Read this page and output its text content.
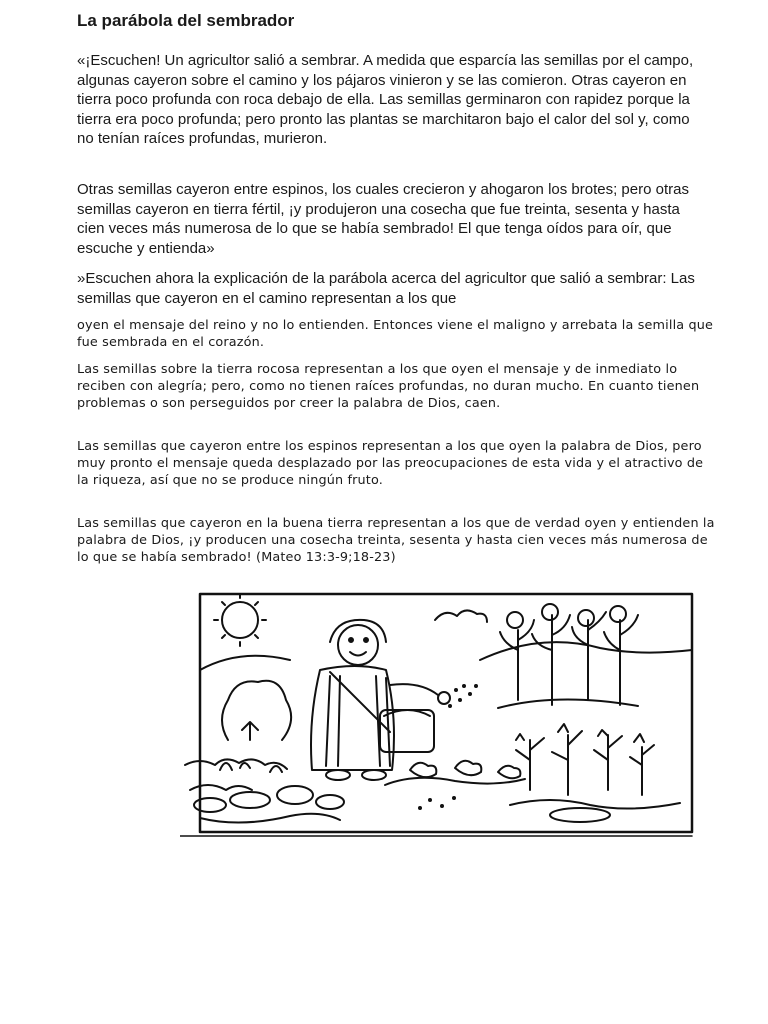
La parábola del sembrador
«¡Escuchen! Un agricultor salió a sembrar. A medida que esparcía las semillas por el campo, algunas cayeron sobre el camino y los pájaros vinieron y se las comieron. Otras cayeron en tierra poco profunda con roca debajo de ella. Las semillas germinaron con rapidez porque la tierra era poco profunda; pero pronto las plantas se marchitaron bajo el calor del sol y, como no tenían raíces profundas, murieron.
Otras semillas cayeron entre espinos, los cuales crecieron y ahogaron los brotes; pero otras semillas cayeron en tierra fértil, ¡y produjeron una cosecha que fue treinta, sesenta y hasta cien veces más numerosa de lo que se había sembrado! El que tenga oídos para oír, que escuche y entienda»
»Escuchen ahora la explicación de la parábola acerca del agricultor que salió a sembrar: Las semillas que cayeron en el camino representan a los que
oyen el mensaje del reino y no lo entienden. Entonces viene el maligno y arrebata la semilla que fue sembrada en el corazón.
Las semillas sobre la tierra rocosa representan a los que oyen el mensaje y de inmediato lo reciben con alegría; pero, como no tienen raíces profundas, no duran mucho. En cuanto tienen problemas o son perseguidos por creer la palabra de Dios, caen.
Las semillas que cayeron entre los espinos representan a los que oyen la palabra de Dios, pero muy pronto el mensaje queda desplazado por las preocupaciones de esta vida y el atractivo de la riqueza, así que no se produce ningún fruto.
Las semillas que cayeron en la buena tierra representan a los que de verdad oyen y entienden la palabra de Dios, ¡y producen una cosecha treinta, sesenta y hasta cien veces más numerosa de lo que se había sembrado! (Mateo 13:3-9;18-23)
